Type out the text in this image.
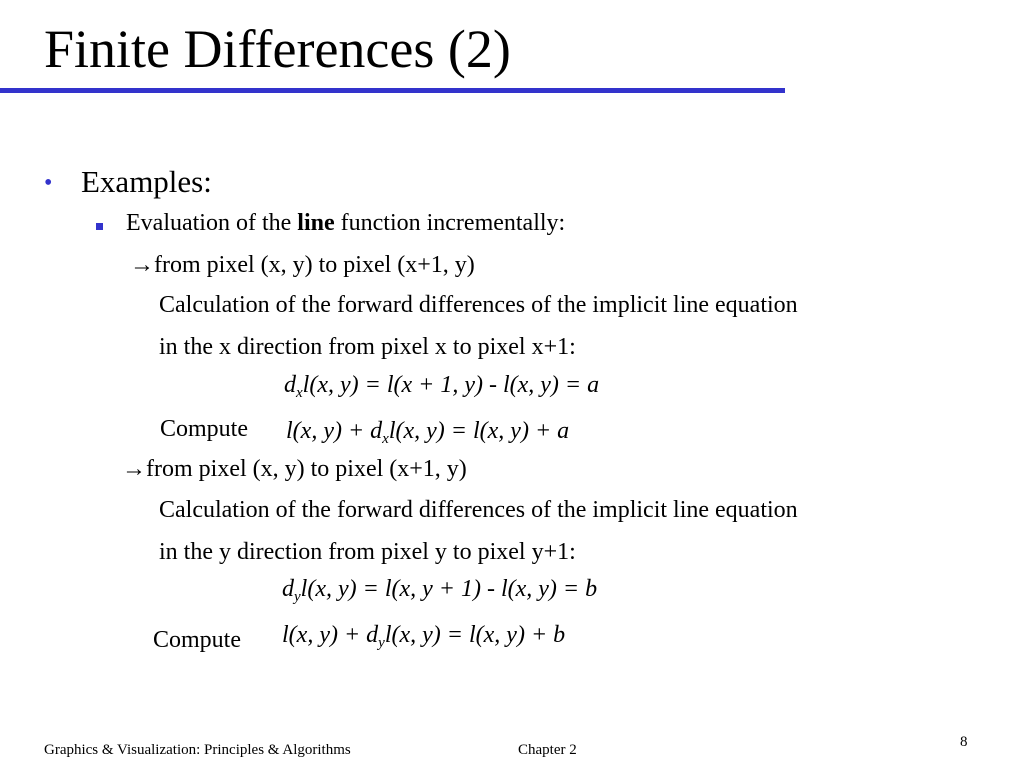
Finite Differences (2)
• Examples:
Evaluation of the line function incrementally:
→from pixel (x, y) to pixel (x+1, y)
Calculation of the forward differences of the implicit line equation
in the x direction from pixel x to pixel x+1:
$d_xl(x$, y) = l(x + 1, y) - l(x, y) = a
Compute l(x, $y) + d_xl(x$, y) = l(x, y) + a
→from pixel (x, y) to pixel (x+1, y)
Calculation of the forward differences of the implicit line equation
in the y direction from pixel y to pixel y+1:
$d_yl(x$, y) = l(x, y + 1) - l(x, y) = b
Compute l(x, $y) + d_yl(x$, y) = l(x, y) + b
Graphics & Visualization: Principles & Algorithms	Chapter 2	8
